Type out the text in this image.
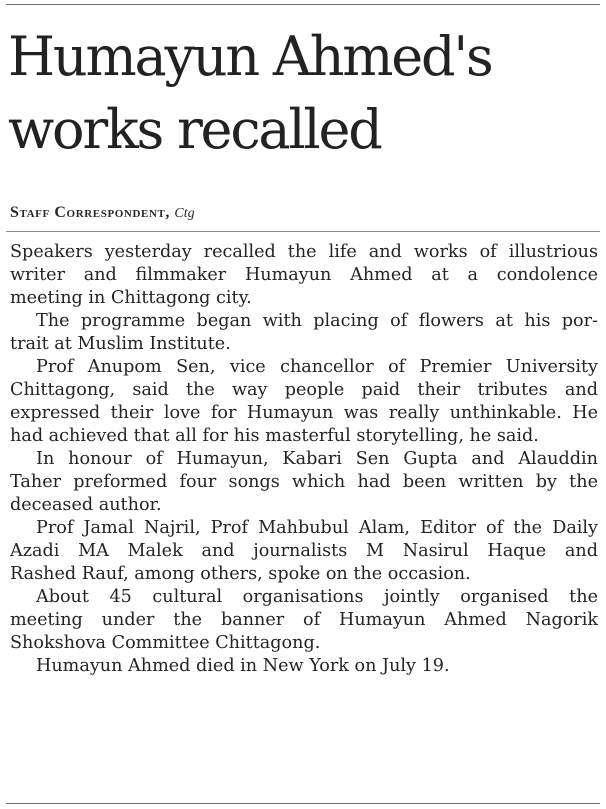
Humayun Ahmed's
works recalled
Staff Correspondent, Ctg

Speakers yesterday recalled the life and works of illustrious
writer and filmmaker Humayun Ahmed at a condolence
meeting in Chittagong city.

The programme began with placing of flowers at his por-
trait at Muslim Institute.

Prof Anupom Sen, vice chancellor of Premier University
Chittagong, said the way people paid their tributes and
expressed their love for Humayun was really unthinkable. He
had achieved that all for his masterful storytelling, he said.

In honour of Humayun, Kabari Sen Gupta and Alauddin
Taher preformed four songs which had been written by the
deceased author.

Prof Jamal Najril, Prof Mahbubul Alam, Editor of the Daily
Azadi MA Malek and journalists M Nasirul Haque and
Rashed Rauf, among others, spoke on the occasion.

About 45 cultural organisations jointly organised the
meeting under the banner of Humayun Ahmed Nagorik
Shokshova Committee Chittagong.

Humayun Ahmed died in New York on July 19.
